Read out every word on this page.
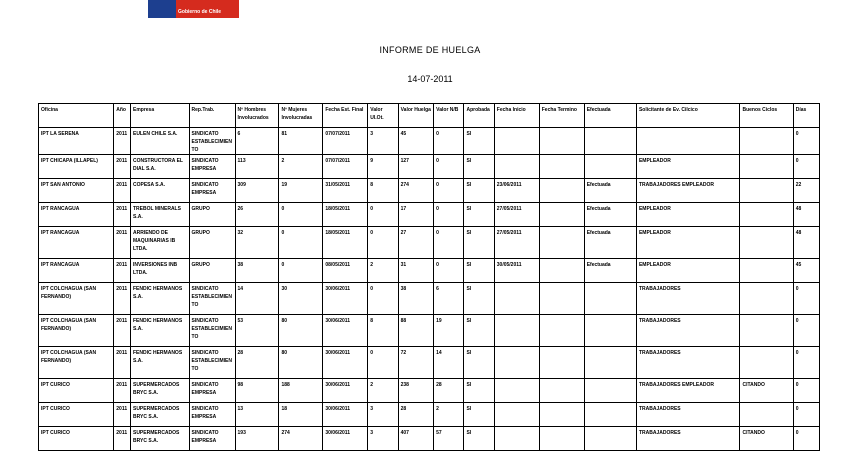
Gobierno de Chile
INFORME DE HUELGA
14-07-2011
Oficina	Año	Empresa	Rep.Trab.	Nº Hombres Involucrados	Nº Mujeres Involucradas	Fecha Est. Final	Valor UI.Ot.	Valor Huelga	Valor N/B	Aprobada	Fecha Inicio	Fecha Termino	Efectuada	Solicitante de Ev. Cilcico	Buenos Ciclos	Días
IPT LA SERENA	2011	EULEN CHILE S.A.	SINDICATO ESTABLECIMIENTO	6	81	07/07/2011	3	45	0	SI						0
IPT CHICAPA (ILLAPEL)	2011	CONSTRUCTORA EL DIAL S.A.	SINDICATO EMPRESA	113	2	07/07/2011	9	127	0	SI				EMPLEADOR		0
IPT SAN ANTONIO	2011	COPESA S.A.	SINDICATO EMPRESA	309	19	31/05/2011	8	274	0	SI	23/06/2011		Efectuada	TRABAJADORES EMPLEADOR		22
IPT RANCAGUA	2011	TREBOL MINERALS S.A.	GRUPO	26	0	18/05/2011	0	17	0	SI	27/05/2011		Efectuada	EMPLEADOR		48
IPT RANCAGUA	2011	ARRIENDO DE MAQUINARIAS IB LTDA.	GRUPO	32	0	18/05/2011	0	27	0	SI	27/05/2011		Efectuada	EMPLEADOR		48
IPT RANCAGUA	2011	INVERSIONES INB LTDA.	GRUPO	38	0	08/05/2011	2	31	0	SI	30/05/2011		Efectuada	EMPLEADOR		45
IPT COLCHAGUA (SAN FERNANDO)	2011	FENDIC HERMANOS S.A.	SINDICATO ESTABLECIMIENTO	14	30	30/06/2011	0	38	6	SI				TRABAJADORES		0
IPT COLCHAGUA (SAN FERNANDO)	2011	FENDIC HERMANOS S.A.	SINDICATO ESTABLECIMIENTO	53	80	30/06/2011	8	88	19	SI				TRABAJADORES		0
IPT COLCHAGUA (SAN FERNANDO)	2011	FENDIC HERMANOS S.A.	SINDICATO ESTABLECIMIENTO	28	80	30/06/2011	0	72	14	SI				TRABAJADORES		0
IPT CURICO	2011	SUPERMERCADOS BRYC S.A.	SINDICATO EMPRESA	98	188	30/06/2011	2	238	28	SI				TRABAJADORES EMPLEADOR	CITANDO	0
IPT CURICO	2011	SUPERMERCADOS BRYC S.A.	SINDICATO EMPRESA	13	18	30/06/2011	3	28	2	SI				TRABAJADORES		0
IPT CURICO	2011	SUPERMERCADOS BRYC S.A.	SINDICATO EMPRESA	193	274	30/06/2011	3	407	57	SI				TRABAJADORES	CITANDO	0
